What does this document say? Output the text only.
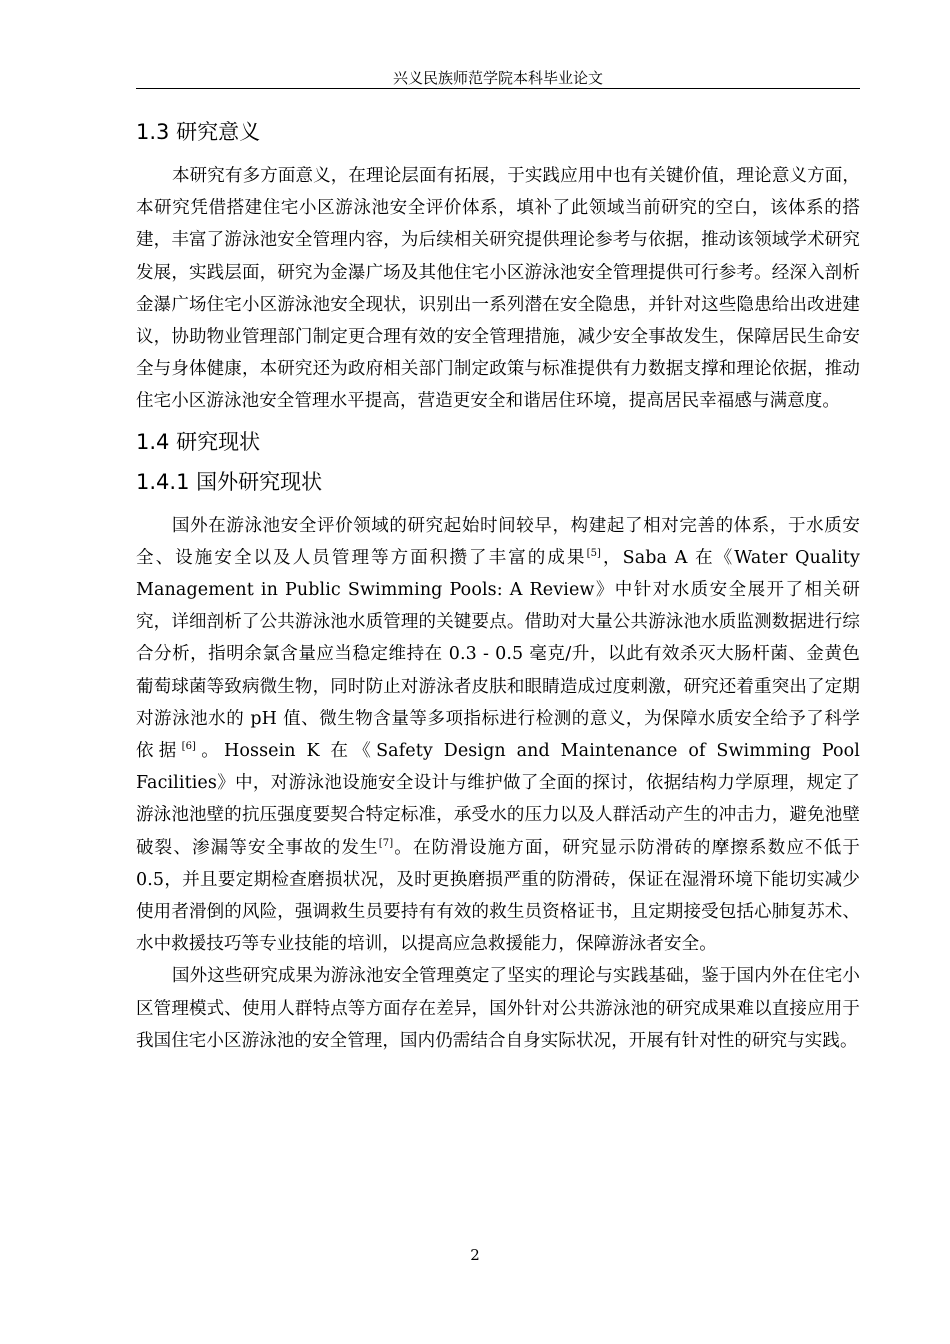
兴义民族师范学院本科毕业论文
1.3 研究意义

本研究有多方面意义，在理论层面有拓展，于实践应用中也有关键价值，理论意义方面，本研究凭借搭建住宅小区游泳池安全评价体系，填补了此领域当前研究的空白，该体系的搭建，丰富了游泳池安全管理内容，为后续相关研究提供理论参考与依据，推动该领域学术研究发展，实践层面，研究为金瀑广场及其他住宅小区游泳池安全管理提供可行参考。经深入剖析金瀑广场住宅小区游泳池安全现状，识别出一系列潜在安全隐患，并针对这些隐患给出改进建议，协助物业管理部门制定更合理有效的安全管理措施，减少安全事故发生，保障居民生命安全与身体健康，本研究还为政府相关部门制定政策与标准提供有力数据支撑和理论依据，推动住宅小区游泳池安全管理水平提高，营造更安全和谐居住环境，提高居民幸福感与满意度。

1.4 研究现状
1.4.1 国外研究现状

国外在游泳池安全评价领域的研究起始时间较早，构建起了相对完善的体系，于水质安全、设施安全以及人员管理等方面积攒了丰富的成果[5]，Saba A 在《Water Quality Management in Public Swimming Pools: A Review》中针对水质安全展开了相关研究，详细剖析了公共游泳池水质管理的关键要点。借助对大量公共游泳池水质监测数据进行综合分析，指明余氯含量应当稳定维持在 0.3 - 0.5 毫克/升，以此有效杀灭大肠杆菌、金黄色葡萄球菌等致病微生物，同时防止对游泳者皮肤和眼睛造成过度刺激，研究还着重突出了定期对游泳池水的 pH 值、微生物含量等多项指标进行检测的意义，为保障水质安全给予了科学依据[6]。Hossein K 在《Safety Design and Maintenance of Swimming Pool Facilities》中，对游泳池设施安全设计与维护做了全面的探讨，依据结构力学原理，规定了游泳池池壁的抗压强度要契合特定标准，承受水的压力以及人群活动产生的冲击力，避免池壁破裂、渗漏等安全事故的发生[7]。在防滑设施方面，研究显示防滑砖的摩擦系数应不低于 0.5，并且要定期检查磨损状况，及时更换磨损严重的防滑砖，保证在湿滑环境下能切实减少使用者滑倒的风险，强调救生员要持有有效的救生员资格证书，且定期接受包括心肺复苏术、水中救援技巧等专业技能的培训，以提高应急救援能力，保障游泳者安全。

国外这些研究成果为游泳池安全管理奠定了坚实的理论与实践基础，鉴于国内外在住宅小区管理模式、使用人群特点等方面存在差异，国外针对公共游泳池的研究成果难以直接应用于我国住宅小区游泳池的安全管理，国内仍需结合自身实际状况，开展有针对性的研究与实践。

2
